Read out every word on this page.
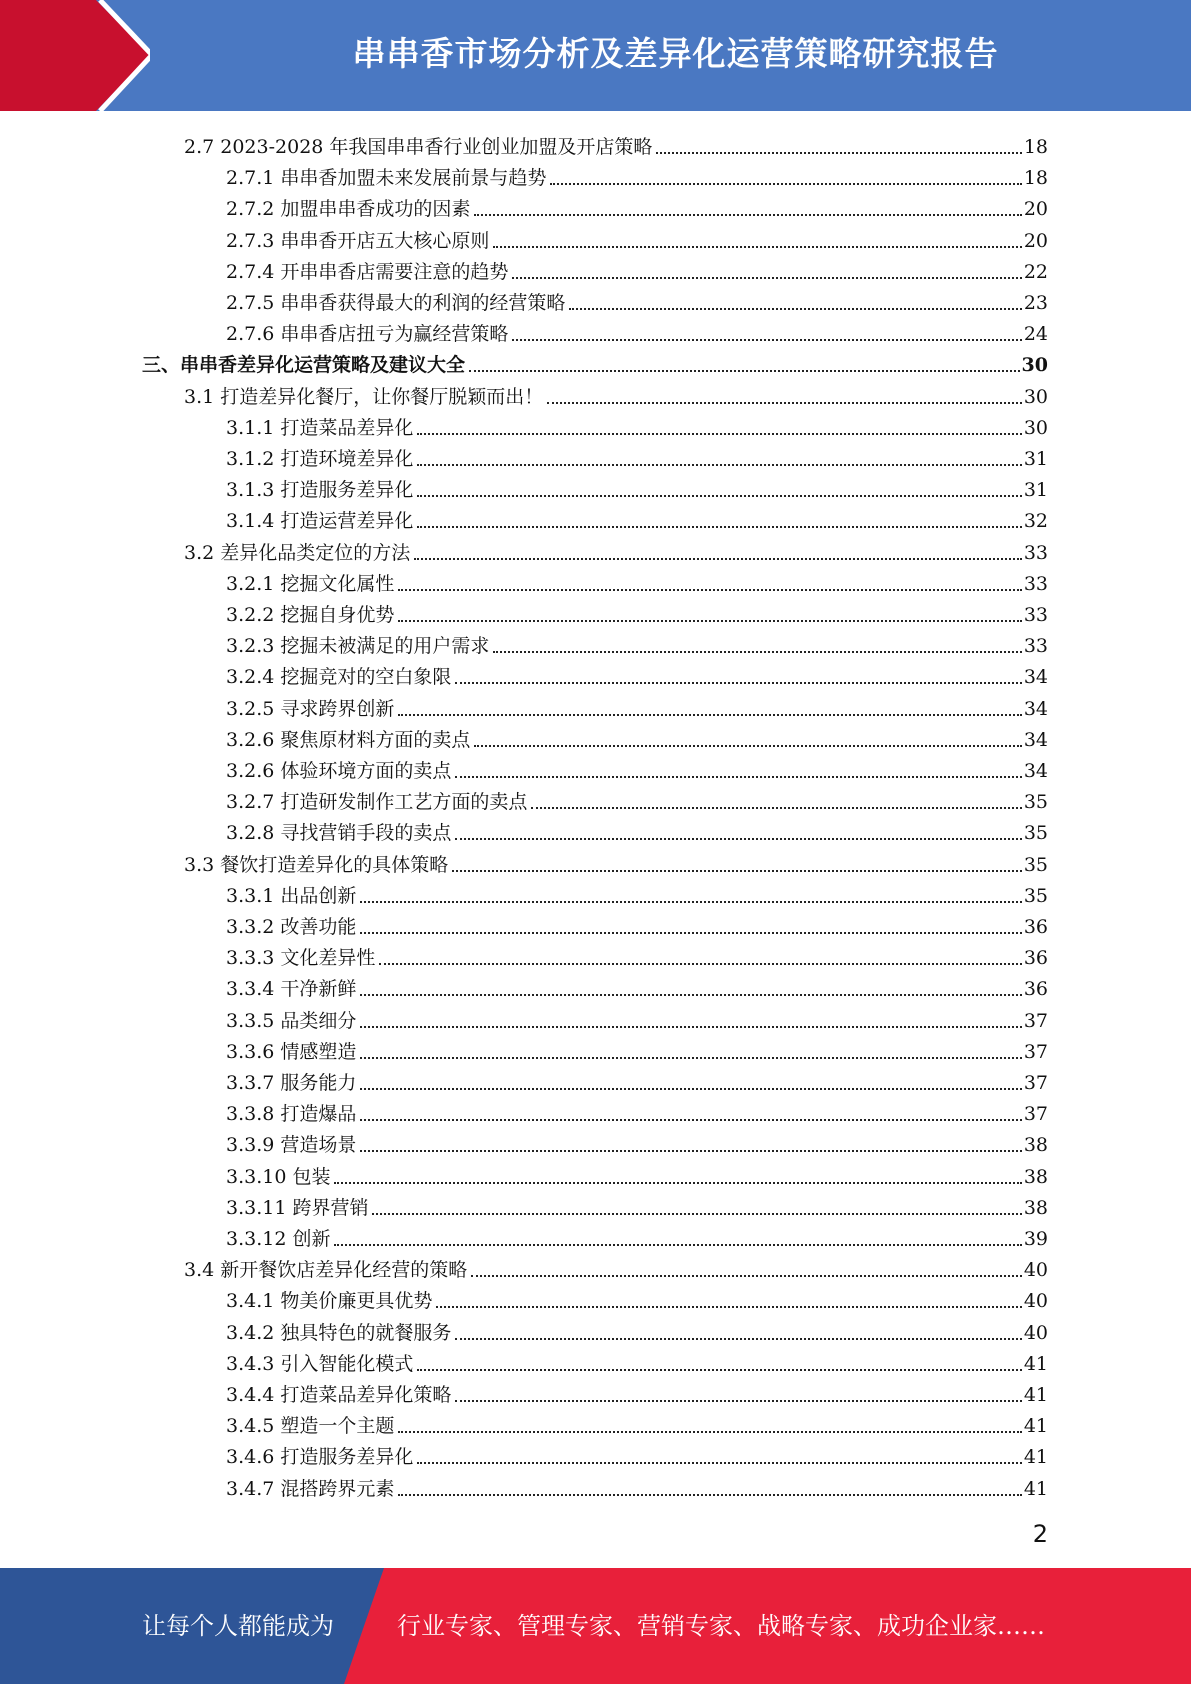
串串香市场分析及差异化运营策略研究报告
2.7 2023-2028 年我国串串香行业创业加盟及开店策略	18
2.7.1 串串香加盟未来发展前景与趋势	18
2.7.2 加盟串串香成功的因素	20
2.7.3 串串香开店五大核心原则	20
2.7.4 开串串香店需要注意的趋势	22
2.7.5 串串香获得最大的利润的经营策略	23
2.7.6 串串香店扭亏为赢经营策略	24
三、串串香差异化运营策略及建议大全	30
3.1 打造差异化餐厅，让你餐厅脱颖而出！	30
3.1.1 打造菜品差异化	30
3.1.2 打造环境差异化	31
3.1.3 打造服务差异化	31
3.1.4 打造运营差异化	32
3.2 差异化品类定位的方法	33
3.2.1 挖掘文化属性	33
3.2.2 挖掘自身优势	33
3.2.3 挖掘未被满足的用户需求	33
3.2.4 挖掘竞对的空白象限	34
3.2.5 寻求跨界创新	34
3.2.6 聚焦原材料方面的卖点	34
3.2.6 体验环境方面的卖点	34
3.2.7 打造研发制作工艺方面的卖点	35
3.2.8 寻找营销手段的卖点	35
3.3 餐饮打造差异化的具体策略	35
3.3.1 出品创新	35
3.3.2 改善功能	36
3.3.3 文化差异性	36
3.3.4 干净新鲜	36
3.3.5 品类细分	37
3.3.6 情感塑造	37
3.3.7 服务能力	37
3.3.8 打造爆品	37
3.3.9 营造场景	38
3.3.10 包装	38
3.3.11 跨界营销	38
3.3.12 创新	39
3.4 新开餐饮店差异化经营的策略	40
3.4.1 物美价廉更具优势	40
3.4.2 独具特色的就餐服务	40
3.4.3 引入智能化模式	41
3.4.4 打造菜品差异化策略	41
3.4.5 塑造一个主题	41
3.4.6 打造服务差异化	41
3.4.7 混搭跨界元素	41
2
让每个人都能成为	行业专家、管理专家、营销专家、战略专家、成功企业家……
